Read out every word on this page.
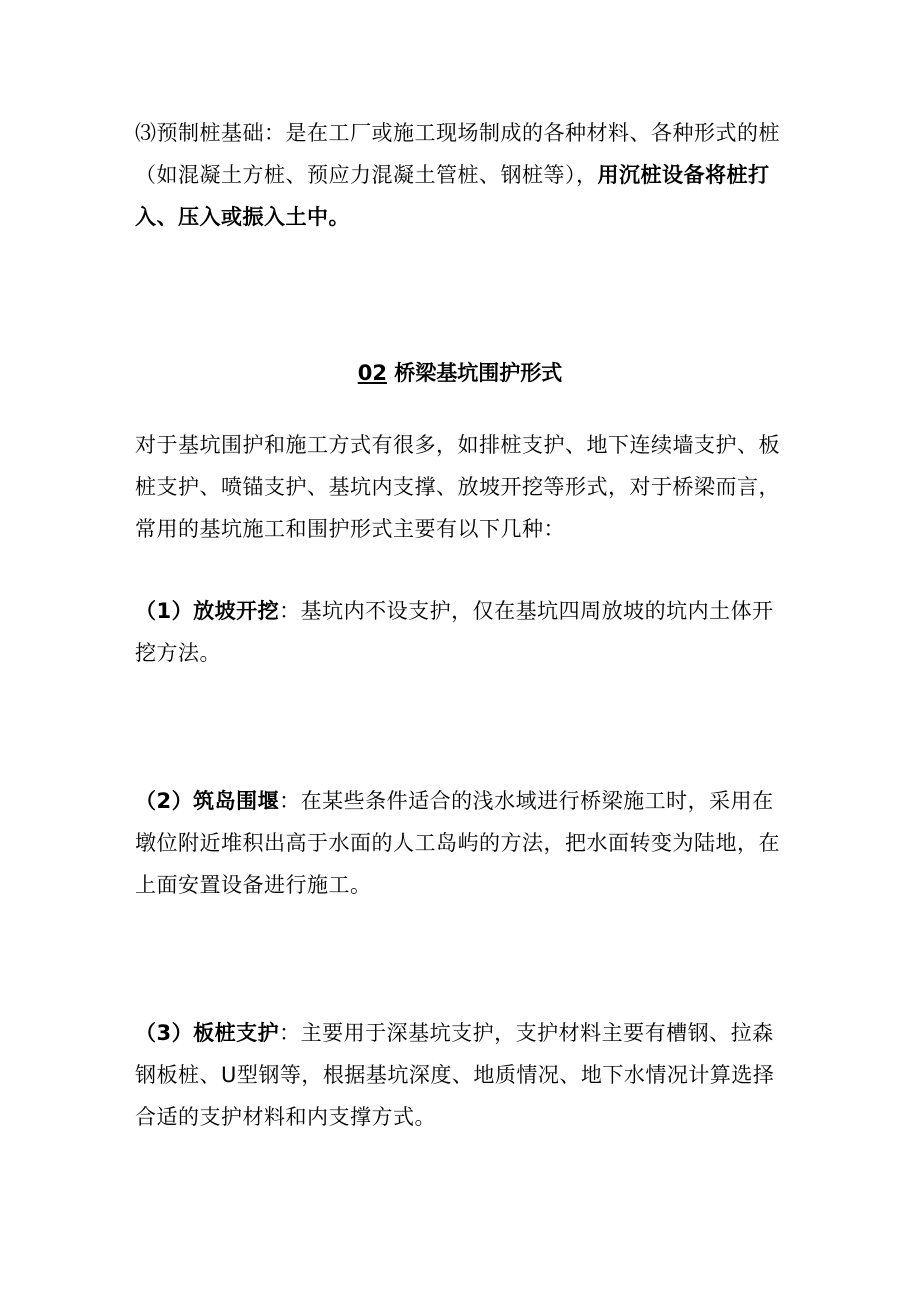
⑶预制桩基础：是在工厂或施工现场制成的各种材料、各种形式的桩（如混凝土方桩、预应力混凝土管桩、钢桩等），用沉桩设备将桩打入、压入或振入土中。

02 桥梁基坑围护形式

对于基坑围护和施工方式有很多，如排桩支护、地下连续墙支护、板桩支护、喷锚支护、基坑内支撑、放坡开挖等形式，对于桥梁而言，常用的基坑施工和围护形式主要有以下几种：

（1）放坡开挖：基坑内不设支护，仅在基坑四周放坡的坑内土体开挖方法。

（2）筑岛围堰：在某些条件适合的浅水域进行桥梁施工时，采用在墩位附近堆积出高于水面的人工岛屿的方法，把水面转变为陆地，在上面安置设备进行施工。

（3）板桩支护：主要用于深基坑支护，支护材料主要有槽钢、拉森钢板桩、U型钢等，根据基坑深度、地质情况、地下水情况计算选择合适的支护材料和内支撑方式。
